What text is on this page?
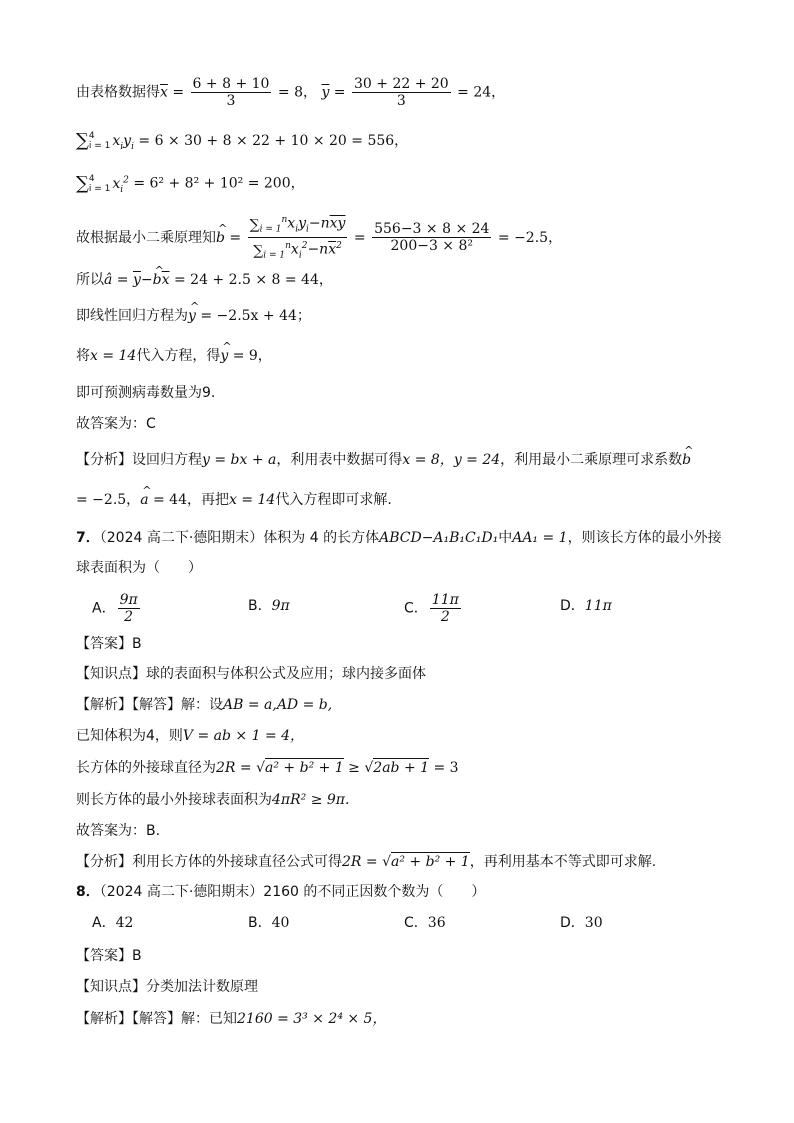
由表格数据得$\overline{x} = \frac{6 + 8 + 10}{3} = 8$， $\overline{y} = \frac{30 + 22 + 20}{3} = 24$，
∑ 4
i = 1 $x_iy_i = 6 \times 30 + 8 \times 22 + 10 \times 20 = 556$，
∑ 4
i = 1 $x_i^2 = 6^2 + 8^2 + 10^2 = 200$，
故根据最小二乘原理知^ $b = \frac{\sum_{i = 1}^nx_iy_i-n\overline{xy}}{\sum_{i = 1}^nx_i^2-n\overline{x}^2} = \frac{556-3 \times 8 \times 24}{\text{200−3 × 8²}} = -2.5$，
所以â = $\overline{y}-\^{}$ $b\overline{x} = 24 + 2.5 \times 8 = 44$，
即线性回归方程为^ y = −2.5x + 44；
将x = 14代入方程，得^ y = 9，
即可预测病毒数量为9.
故答案为：C
【分析】设回归方程y = bx + a，利用表中数据可得x = 8，y = 24，利用最小二乘原理可求系数^ b
= −2.5，^ a = 44，再把x = 14代入方程即可求解.
7．（2024 高二下·德阳期末）体积为 4 的长方体ABCD−A₁B₁C₁D₁中AA₁ = 1，则该长方体的最小外接
球表面积为（　　）
A． $\frac{9\pi}{2}$	B．9π	C． $\frac{11\pi}{2}$	D．11π
【答案】B
【知识点】球的表面积与体积公式及应用；球内接多面体
【解析】【解答】解：设AB = a,AD = b,
已知体积为4，则V = ab × 1 = 4，
长方体的外接球直径为2R = √a² + b² + 1 ≥ √2ab + 1 = 3
则长方体的最小外接球表面积为4πR² ≥ 9π.
故答案为：B.
【分析】利用长方体的外接球直径公式可得2R = √a² + b² + 1，再利用基本不等式即可求解.
8．（2024 高二下·德阳期末）2160 的不同正因数个数为（　　）
A．42	B．40	C．36	D．30
【答案】B
【知识点】分类加法计数原理
【解析】【解答】解：已知2160 = 3³ × 2⁴ × 5，
